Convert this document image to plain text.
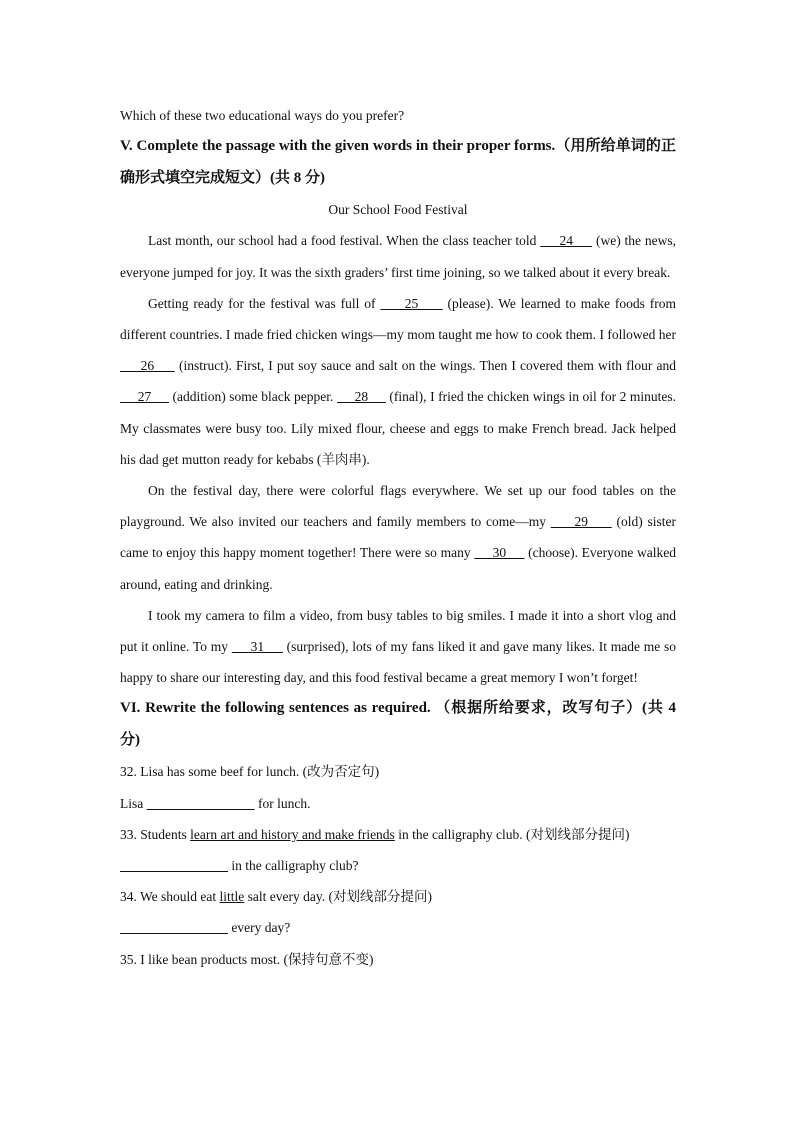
Which of these two educational ways do you prefer?
V. Complete the passage with the given words in their proper forms.（用所给单词的正确形式填空完成短文）(共 8 分)
Our School Food Festival

Last month, our school had a food festival. When the class teacher told      24      (we) the news, everyone jumped for joy. It was the sixth graders’ first time joining, so we talked about it every break.

Getting ready for the festival was full of      25      (please). We learned to make foods from different countries. I made fried chicken wings—my mom taught me how to cook them. I followed her      26      (instruct). First, I put soy sauce and salt on the wings. Then I covered them with flour and      27      (addition) some black pepper.      28      (final), I fried the chicken wings in oil for 2 minutes. My classmates were busy too. Lily mixed flour, cheese and eggs to make French bread. Jack helped his dad get mutton ready for kebabs (羊肉串).

On the festival day, there were colorful flags everywhere. We set up our food tables on the playground. We also invited our teachers and family members to come—my      29      (old) sister came to enjoy this happy moment together! There were so many      30      (choose). Everyone walked around, eating and drinking.

I took my camera to film a video, from busy tables to big smiles. I made it into a short vlog and put it online. To my      31      (surprised), lots of my fans liked it and gave many likes. It made me so happy to share our interesting day, and this food festival became a great memory I won’t forget!

VI. Rewrite the following sentences as required. （根据所给要求，改写句子）(共 4 分)
32. Lisa has some beef for lunch. (改为否定句)
Lisa	for lunch.
33. Students learn art and history and make friends in the calligraphy club. (对划线部分提问)
in the calligraphy club?
34. We should eat little salt every day. (对划线部分提问)
every day?
35. I like bean products most. (保持句意不变)
